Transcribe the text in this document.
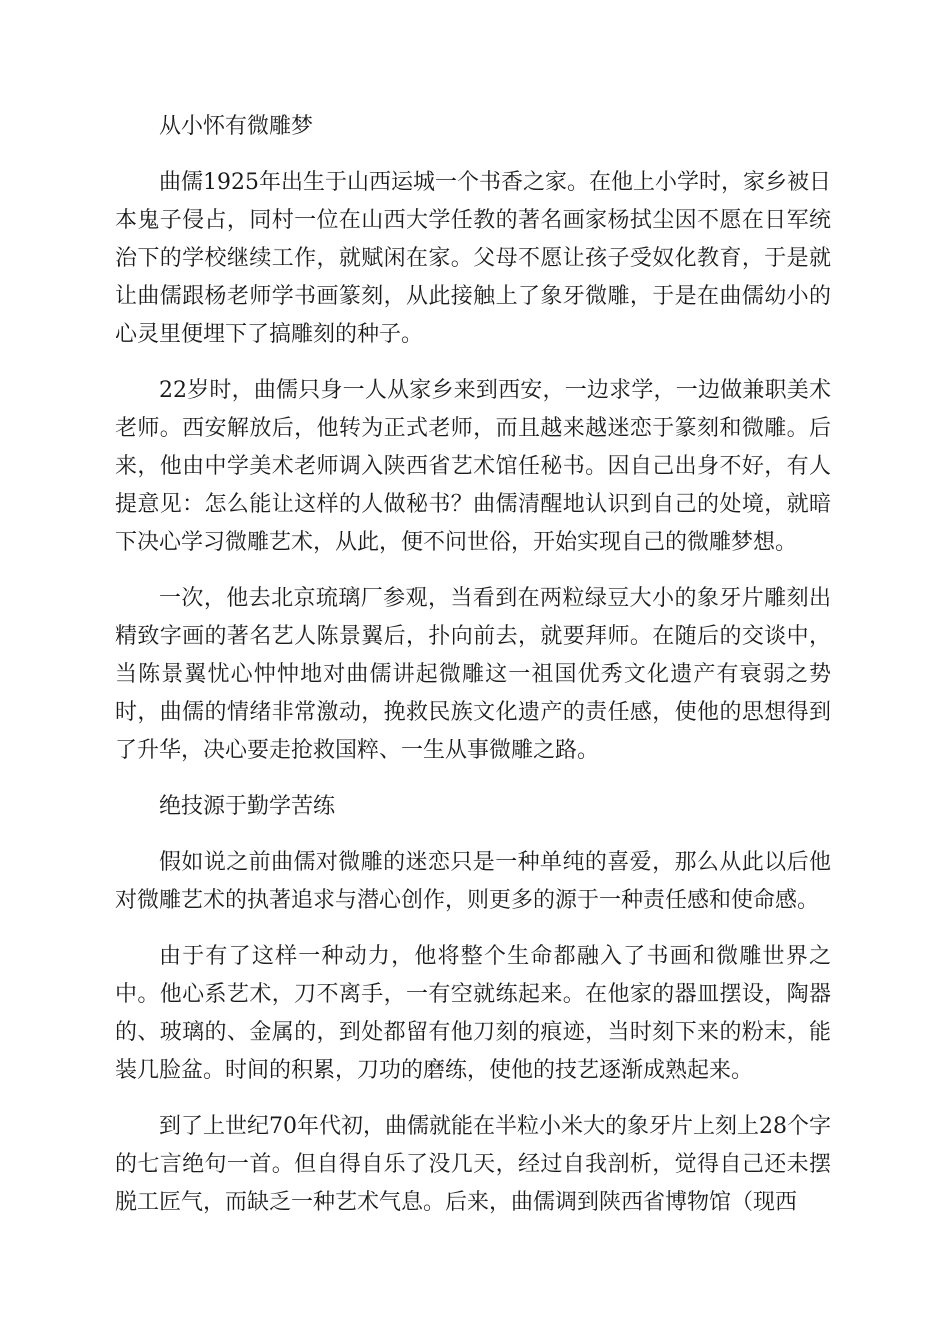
从小怀有微雕梦

曲儒1925年出生于山西运城一个书香之家。在他上小学时，家乡被日本鬼子侵占，同村一位在山西大学任教的著名画家杨拭尘因不愿在日军统治下的学校继续工作，就赋闲在家。父母不愿让孩子受奴化教育，于是就让曲儒跟杨老师学书画篆刻，从此接触上了象牙微雕，于是在曲儒幼小的心灵里便埋下了搞雕刻的种子。

22岁时，曲儒只身一人从家乡来到西安，一边求学，一边做兼职美术老师。西安解放后，他转为正式老师，而且越来越迷恋于篆刻和微雕。后来，他由中学美术老师调入陕西省艺术馆任秘书。因自己出身不好，有人提意见：怎么能让这样的人做秘书？曲儒清醒地认识到自己的处境，就暗下决心学习微雕艺术，从此，便不问世俗，开始实现自己的微雕梦想。

一次，他去北京琉璃厂参观，当看到在两粒绿豆大小的象牙片雕刻出精致字画的著名艺人陈景翼后，扑向前去，就要拜师。在随后的交谈中，当陈景翼忧心忡忡地对曲儒讲起微雕这一祖国优秀文化遗产有衰弱之势时，曲儒的情绪非常激动，挽救民族文化遗产的责任感，使他的思想得到了升华，决心要走抢救国粹、一生从事微雕之路。

绝技源于勤学苦练

假如说之前曲儒对微雕的迷恋只是一种单纯的喜爱，那么从此以后他对微雕艺术的执著追求与潜心创作，则更多的源于一种责任感和使命感。

由于有了这样一种动力，他将整个生命都融入了书画和微雕世界之中。他心系艺术，刀不离手，一有空就练起来。在他家的器皿摆设，陶器的、玻璃的、金属的，到处都留有他刀刻的痕迹，当时刻下来的粉末，能装几脸盆。时间的积累，刀功的磨练，使他的技艺逐渐成熟起来。

到了上世纪70年代初，曲儒就能在半粒小米大的象牙片上刻上28个字的七言绝句一首。但自得自乐了没几天，经过自我剖析，觉得自己还未摆脱工匠气，而缺乏一种艺术气息。后来，曲儒调到陕西省博物馆（现西
